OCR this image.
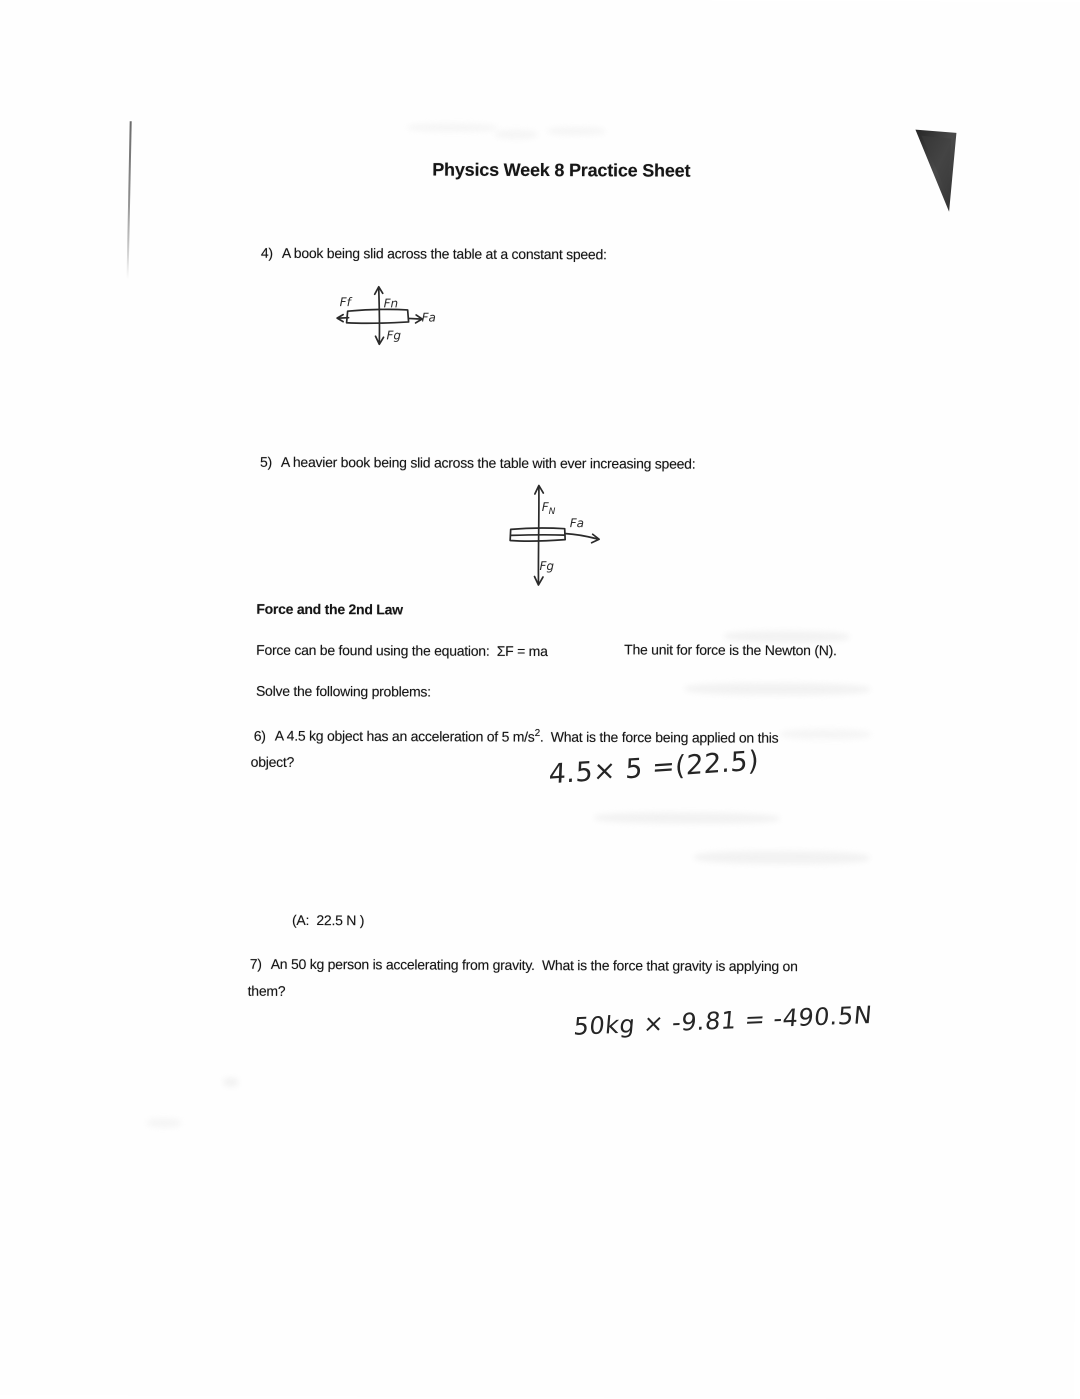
Physics Week 8 Practice Sheet
4) A book being slid across the table at a constant speed:
Ff	Fn
Fg
Fa
5) A heavier book being slid across the table with ever increasing speed:
$F_N$
Fa
Fg
Force and the 2nd Law
Force can be found using the equation:  ΣF = ma	The unit for force is the Newton (N).
Solve the following problems:
6) A 4.5 kg object has an acceleration of 5 $m/s^2$.  What is the force being applied on this
object?	4.5× 5 =(22.5)
(A:  22.5 N )
7) An 50 kg person is accelerating from gravity.  What is the force that gravity is applying on
them?
50kg × -9.81 = -490.5N
